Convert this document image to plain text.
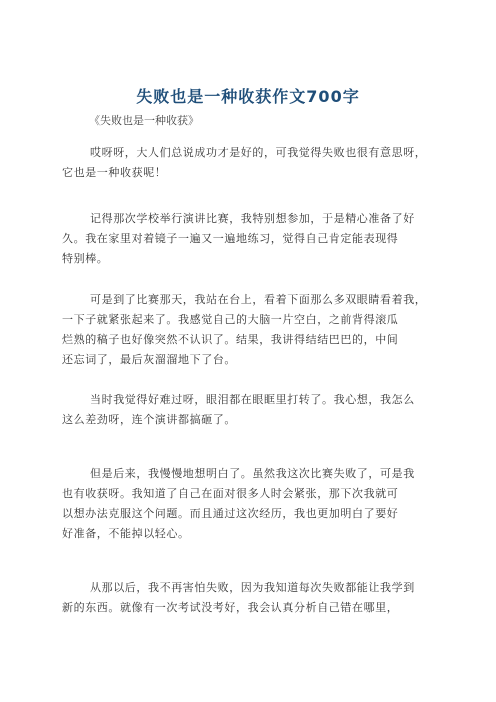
失败也是一种收获作文700字
《失败也是一种收获》
哎呀呀，大人们总说成功才是好的，可我觉得失败也很有意思呀，
它也是一种收获呢！
记得那次学校举行演讲比赛，我特别想参加，于是精心准备了好
久。我在家里对着镜子一遍又一遍地练习，觉得自己肯定能表现得
特别棒。
可是到了比赛那天，我站在台上，看着下面那么多双眼睛看着我，
一下子就紧张起来了。我感觉自己的大脑一片空白，之前背得滚瓜
烂熟的稿子也好像突然不认识了。结果，我讲得结结巴巴的，中间
还忘词了，最后灰溜溜地下了台。
当时我觉得好难过呀，眼泪都在眼眶里打转了。我心想，我怎么
这么差劲呀，连个演讲都搞砸了。
但是后来，我慢慢地想明白了。虽然我这次比赛失败了，可是我
也有收获呀。我知道了自己在面对很多人时会紧张，那下次我就可
以想办法克服这个问题。而且通过这次经历，我也更加明白了要好
好准备，不能掉以轻心。
从那以后，我不再害怕失败，因为我知道每次失败都能让我学到
新的东西。就像有一次考试没考好，我会认真分析自己错在哪里，
